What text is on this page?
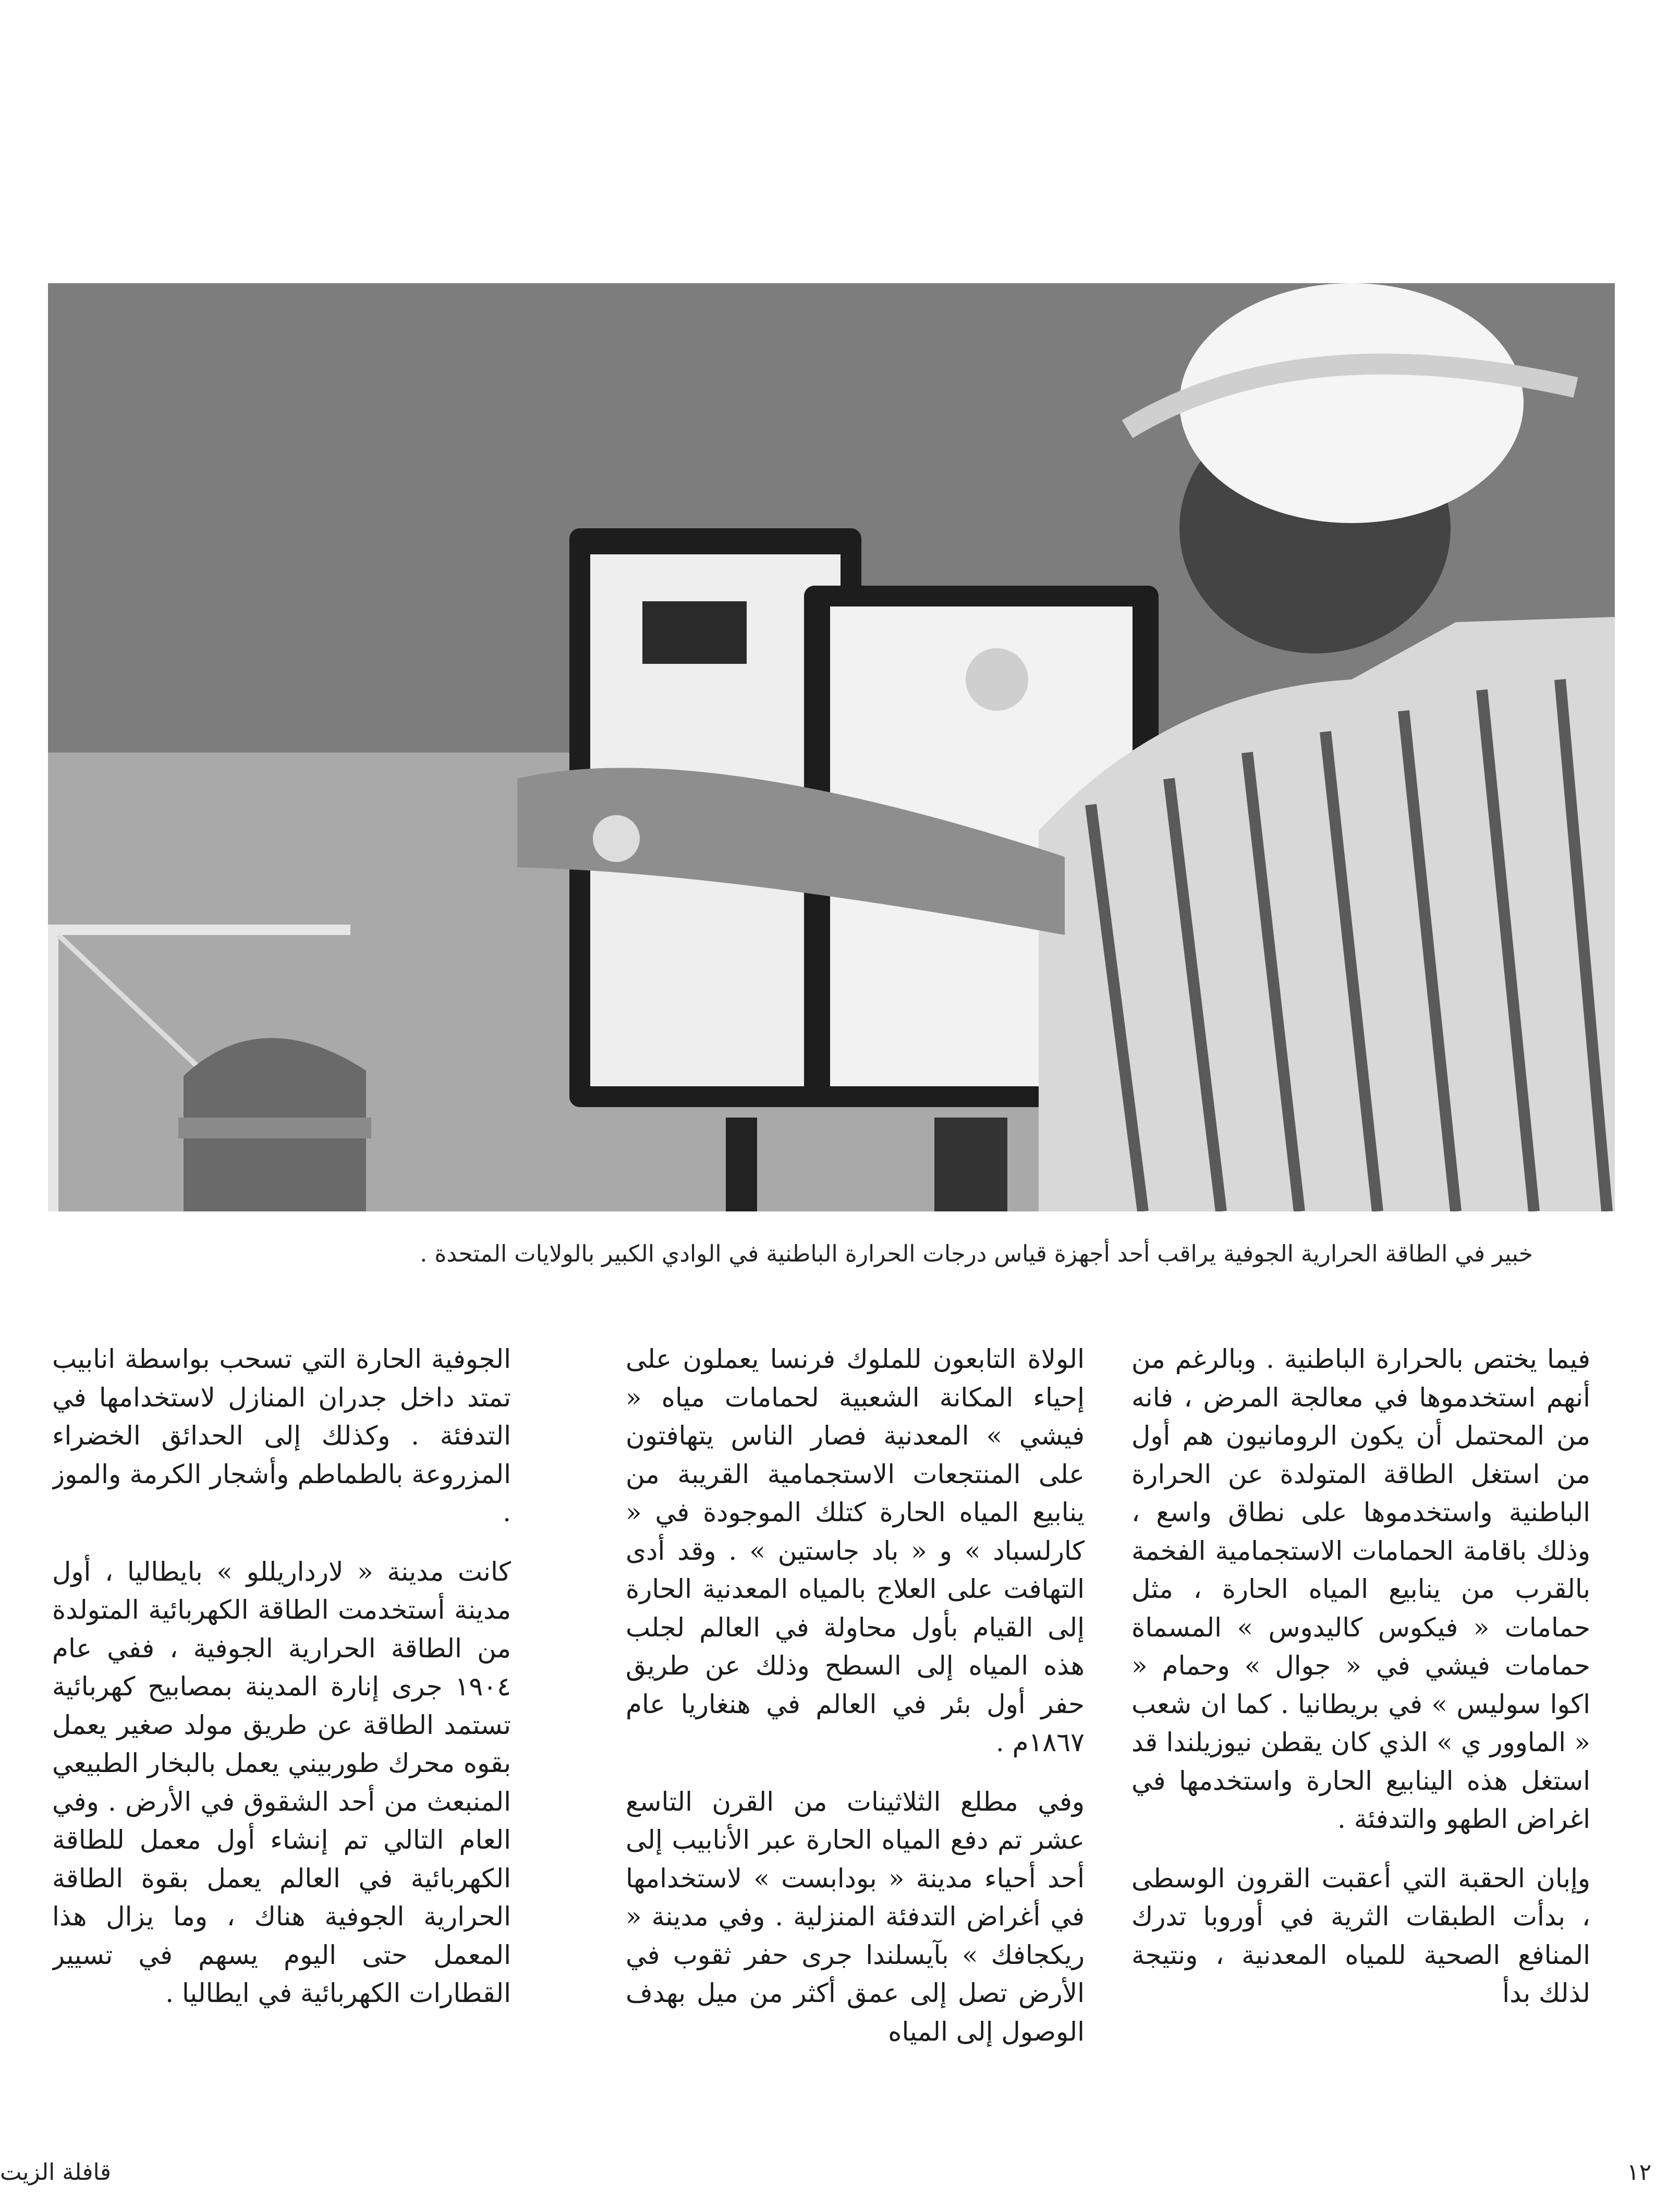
خبير في الطاقة الحرارية الجوفية يراقب أحد أجهزة قياس درجات الحرارة الباطنية في الوادي الكبير بالولايات المتحدة .

فيما يختص بالحرارة الباطنية . وبالرغم من أنهم استخدموها في معالجة المرض ، فانه من المحتمل أن يكون الرومانيون هم أول من استغل الطاقة المتولدة عن الحرارة الباطنية واستخدموها على نطاق واسع ، وذلك باقامة الحمامات الاستجمامية الفخمة بالقرب من ينابيع المياه الحارة ، مثل حمامات « فيكوس كاليدوس » المسماة حمامات فيشي في « جوال » وحمام « اكوا سوليس » في بريطانيا . كما ان شعب « الماوور ي » الذي كان يقطن نيوزيلندا قد استغل هذه الينابيع الحارة واستخدمها في اغراض الطهو والتدفئة .

وإبان الحقبة التي أعقبت القرون الوسطى ، بدأت الطبقات الثرية في أوروبا تدرك المنافع الصحية للمياه المعدنية ، ونتيجة لذلك بدأ

الولاة التابعون للملوك فرنسا يعملون على إحياء المكانة الشعبية لحمامات مياه « فيشي » المعدنية فصار الناس يتهافتون على المنتجعات الاستجمامية القريبة من ينابيع المياه الحارة كتلك الموجودة في « كارلسباد » و « باد جاستين » . وقد أدى التهافت على العلاج بالمياه المعدنية الحارة إلى القيام بأول محاولة في العالم لجلب هذه المياه إلى السطح وذلك عن طريق حفر أول بئر في العالم في هنغاريا عام ١٨٦٧م .

وفي مطلع الثلاثينات من القرن التاسع عشر تم دفع المياه الحارة عبر الأنابيب إلى أحد أحياء مدينة « بودابست » لاستخدامها في أغراض التدفئة المنزلية . وفي مدينة « ريكجافك » بآيسلندا جرى حفر ثقوب في الأرض تصل إلى عمق أكثر من ميل بهدف الوصول إلى المياه

الجوفية الحارة التي تسحب بواسطة انابيب تمتد داخل جدران المنازل لاستخدامها في التدفئة . وكذلك إلى الحدائق الخضراء المزروعة بالطماطم وأشجار الكرمة والموز .

كانت مدينة « لارداريللو » بايطاليا ، أول مدينة أستخدمت الطاقة الكهربائية المتولدة من الطاقة الحرارية الجوفية ، ففي عام ١٩٠٤ جرى إنارة المدينة بمصابيح كهربائية تستمد الطاقة عن طريق مولد صغير يعمل بقوه محرك طوربيني يعمل بالبخار الطبيعي المنبعث من أحد الشقوق في الأرض . وفي العام التالي تم إنشاء أول معمل للطاقة الكهربائية في العالم يعمل بقوة الطاقة الحرارية الجوفية هناك ، وما يزال هذا المعمل حتى اليوم يسهم في تسيير القطارات الكهربائية في ايطاليا .

١٢
قافلة الزيت
